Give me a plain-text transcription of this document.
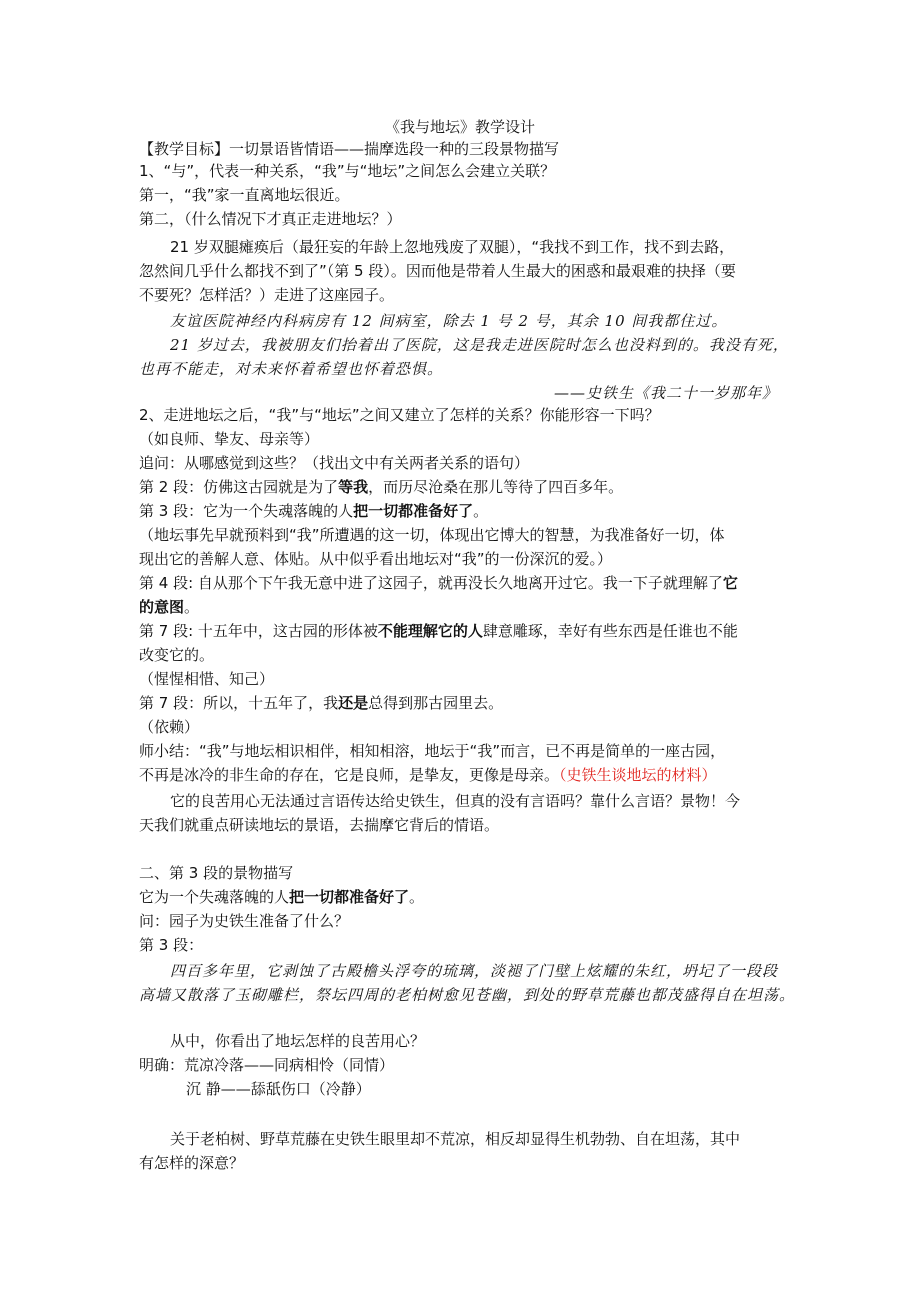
《我与地坛》教学设计
【教学目标】一切景语皆情语——揣摩选段一种的三段景物描写
1、“与”，代表一种关系，“我”与“地坛”之间怎么会建立关联？
第一，“我”家一直离地坛很近。
第二，（什么情况下才真正走进地坛？）
21 岁双腿瘫痪后（最狂妄的年龄上忽地残废了双腿），“我找不到工作，找不到去路，
忽然间几乎什么都找不到了”（第 5 段）。因而他是带着人生最大的困惑和最艰难的抉择（要
不要死？怎样活？）走进了这座园子。
友谊医院神经内科病房有 12 间病室，除去 1 号 2 号，其余 10 间我都住过。
21 岁过去，我被朋友们抬着出了医院，这是我走进医院时怎么也没料到的。我没有死，
也再不能走，对未来怀着希望也怀着恐惧。
——史铁生《我二十一岁那年》
2、走进地坛之后，“我”与“地坛”之间又建立了怎样的关系？你能形容一下吗？
（如良师、挚友、母亲等）
追问：从哪感觉到这些？（找出文中有关两者关系的语句）
第 2 段：仿佛这古园就是为了等我，而历尽沧桑在那儿等待了四百多年。
第 3 段：它为一个失魂落魄的人把一切都准备好了。
（地坛事先早就预料到“我”所遭遇的这一切，体现出它博大的智慧，为我准备好一切，体
现出它的善解人意、体贴。从中似乎看出地坛对“我”的一份深沉的爱。）
第 4 段: 自从那个下午我无意中进了这园子，就再没长久地离开过它。我一下子就理解了它
的意图。
第 7 段: 十五年中，这古园的形体被不能理解它的人肆意雕琢，幸好有些东西是任谁也不能
改变它的。
（惺惺相惜、知己）
第 7 段：所以，十五年了，我还是总得到那古园里去。
（依赖）
师小结：“我”与地坛相识相伴，相知相溶，地坛于“我”而言，已不再是简单的一座古园，
不再是冰冷的非生命的存在，它是良师，是挚友，更像是母亲。（史铁生谈地坛的材料）
它的良苦用心无法通过言语传达给史铁生，但真的没有言语吗？靠什么言语？景物！今
天我们就重点研读地坛的景语，去揣摩它背后的情语。
二、第 3 段的景物描写
它为一个失魂落魄的人把一切都准备好了。
问：园子为史铁生准备了什么？
第 3 段：
四百多年里，它剥蚀了古殿檐头浮夸的琉璃，淡褪了门壁上炫耀的朱红，坍圮了一段段
高墙又散落了玉砌雕栏，祭坛四周的老柏树愈见苍幽，到处的野草荒藤也都茂盛得自在坦荡。
从中，你看出了地坛怎样的良苦用心？
明确：荒凉冷落——同病相怜（同情）
沉 静——舔舐伤口（冷静）
关于老柏树、野草荒藤在史铁生眼里却不荒凉，相反却显得生机勃勃、自在坦荡，其中
有怎样的深意？
